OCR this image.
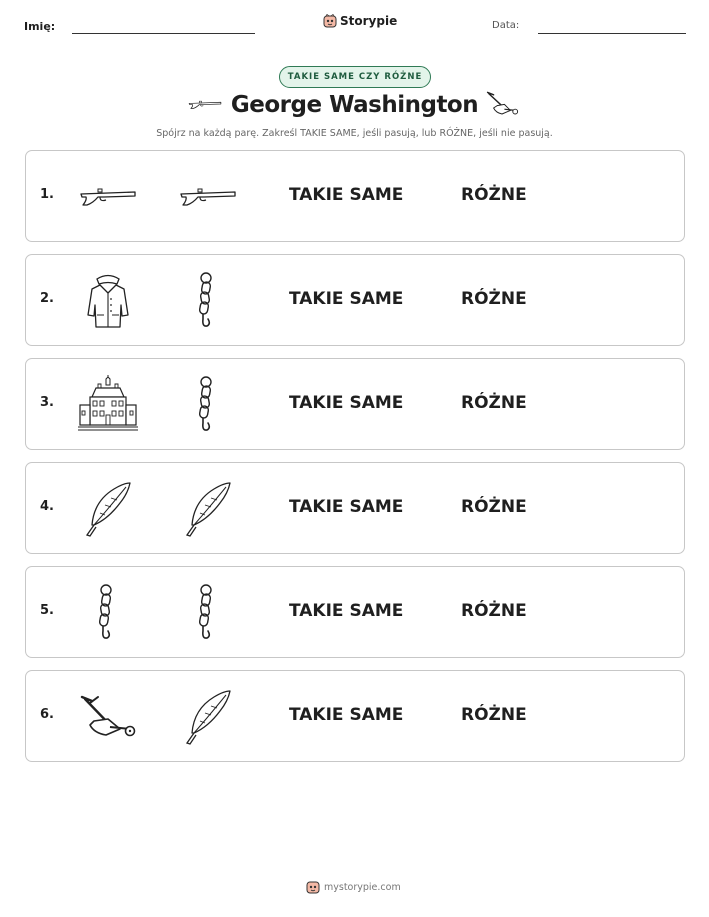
Imię:	Storypie	Data:
TAKIE SAME CZY RÓŻNE
George Washington
Spójrz na każdą parę. Zakreśl TAKIE SAME, jeśli pasują, lub RÓŻNE, jeśli nie pasują.
1.	TAKIE SAME	RÓŻNE
2.	TAKIE SAME	RÓŻNE
3.	TAKIE SAME	RÓŻNE
4.	TAKIE SAME	RÓŻNE
5.	TAKIE SAME	RÓŻNE
6.	TAKIE SAME	RÓŻNE
mystorypie.com
